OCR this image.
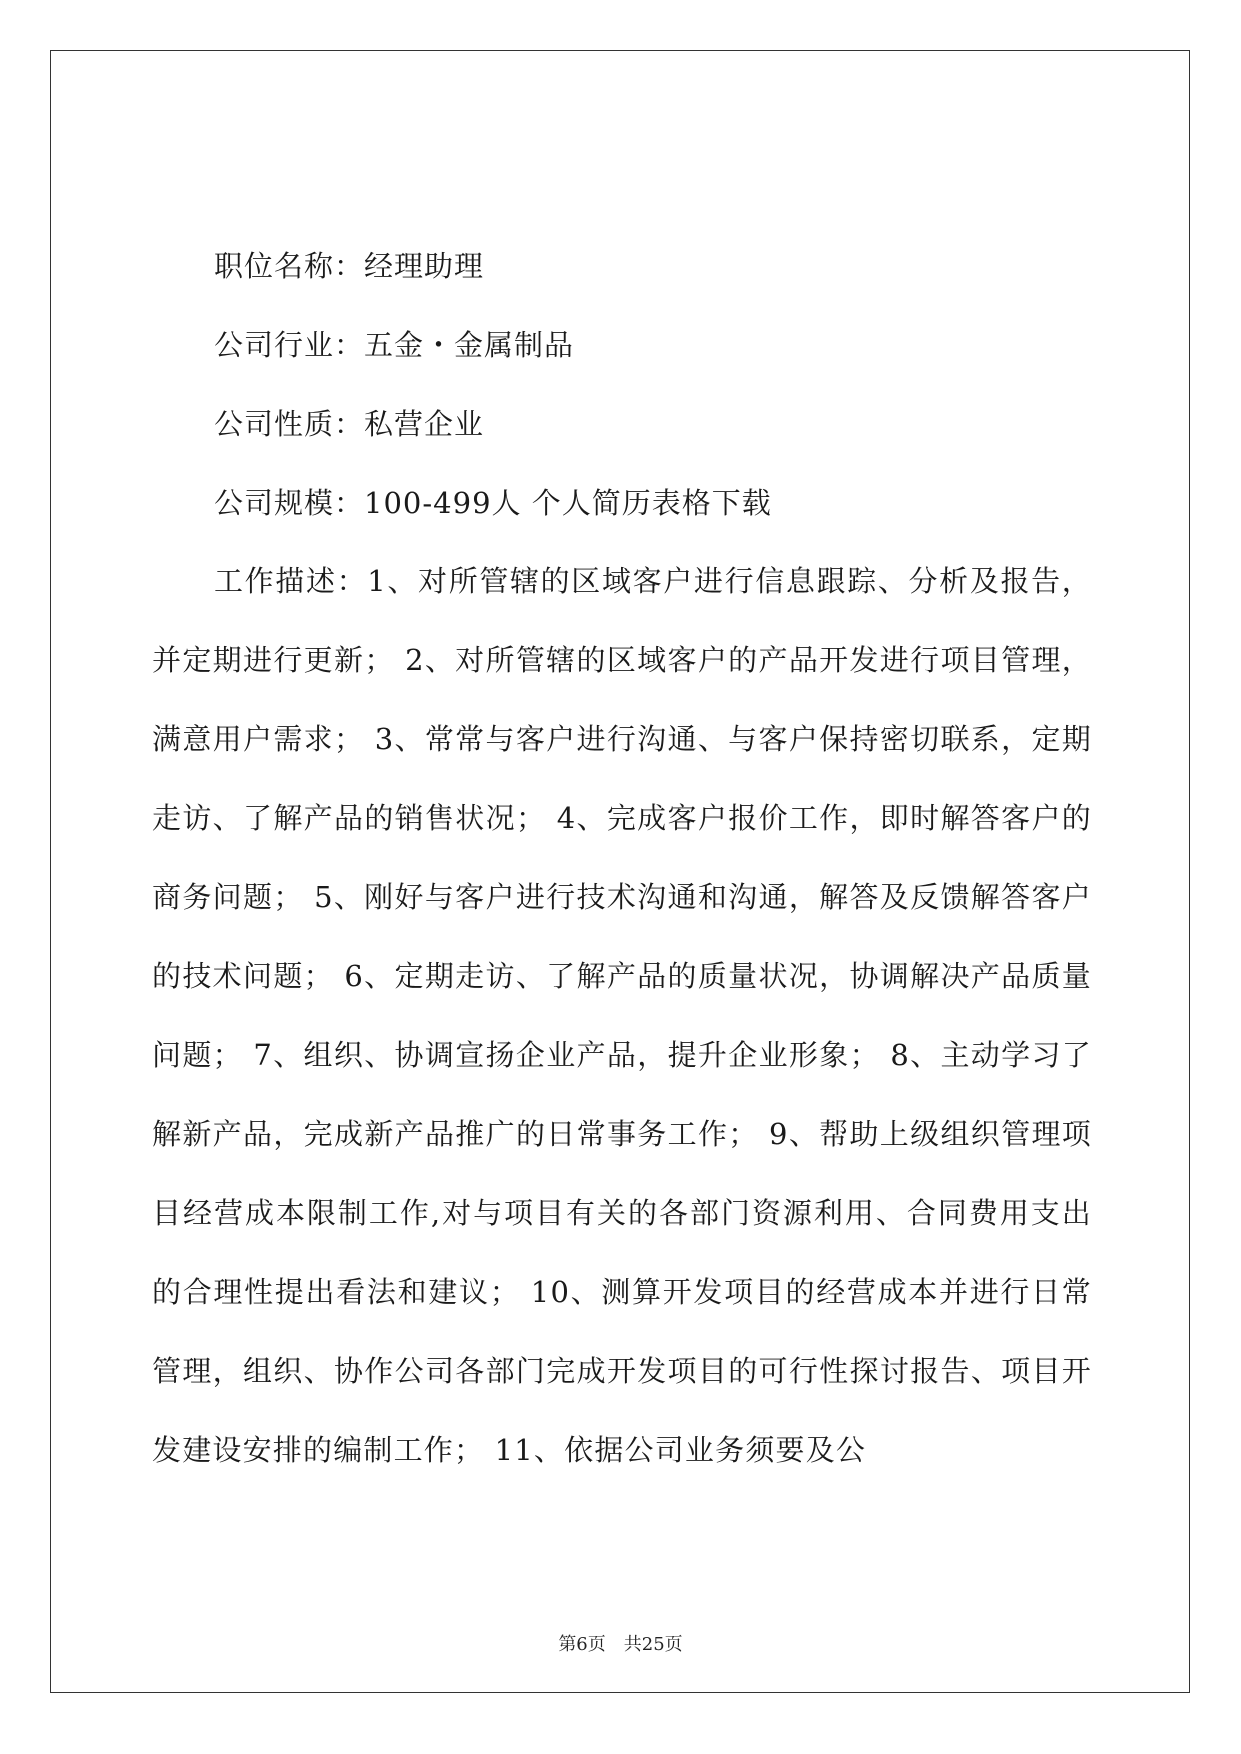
职位名称：经理助理
公司行业：五金・金属制品
公司性质：私营企业
公司规模：100-499人 个人简历表格下载

工作描述：1、对所管辖的区域客户进行信息跟踪、分析及报告，并定期进行更新； 2、对所管辖的区域客户的产品开发进行项目管理，满意用户需求； 3、常常与客户进行沟通、与客户保持密切联系，定期走访、了解产品的销售状况； 4、完成客户报价工作，即时解答客户的商务问题； 5、刚好与客户进行技术沟通和沟通，解答及反馈解答客户的技术问题； 6、定期走访、了解产品的质量状况，协调解决产品质量问题； 7、组织、协调宣扬企业产品，提升企业形象； 8、主动学习了解新产品，完成新产品推广的日常事务工作； 9、帮助上级组织管理项目经营成本限制工作,对与项目有关的各部门资源利用、合同费用支出的合理性提出看法和建议； 10、测算开发项目的经营成本并进行日常管理，组织、协作公司各部门完成开发项目的可行性探讨报告、项目开发建设安排的编制工作； 11、依据公司业务须要及公

第6页 共25页
